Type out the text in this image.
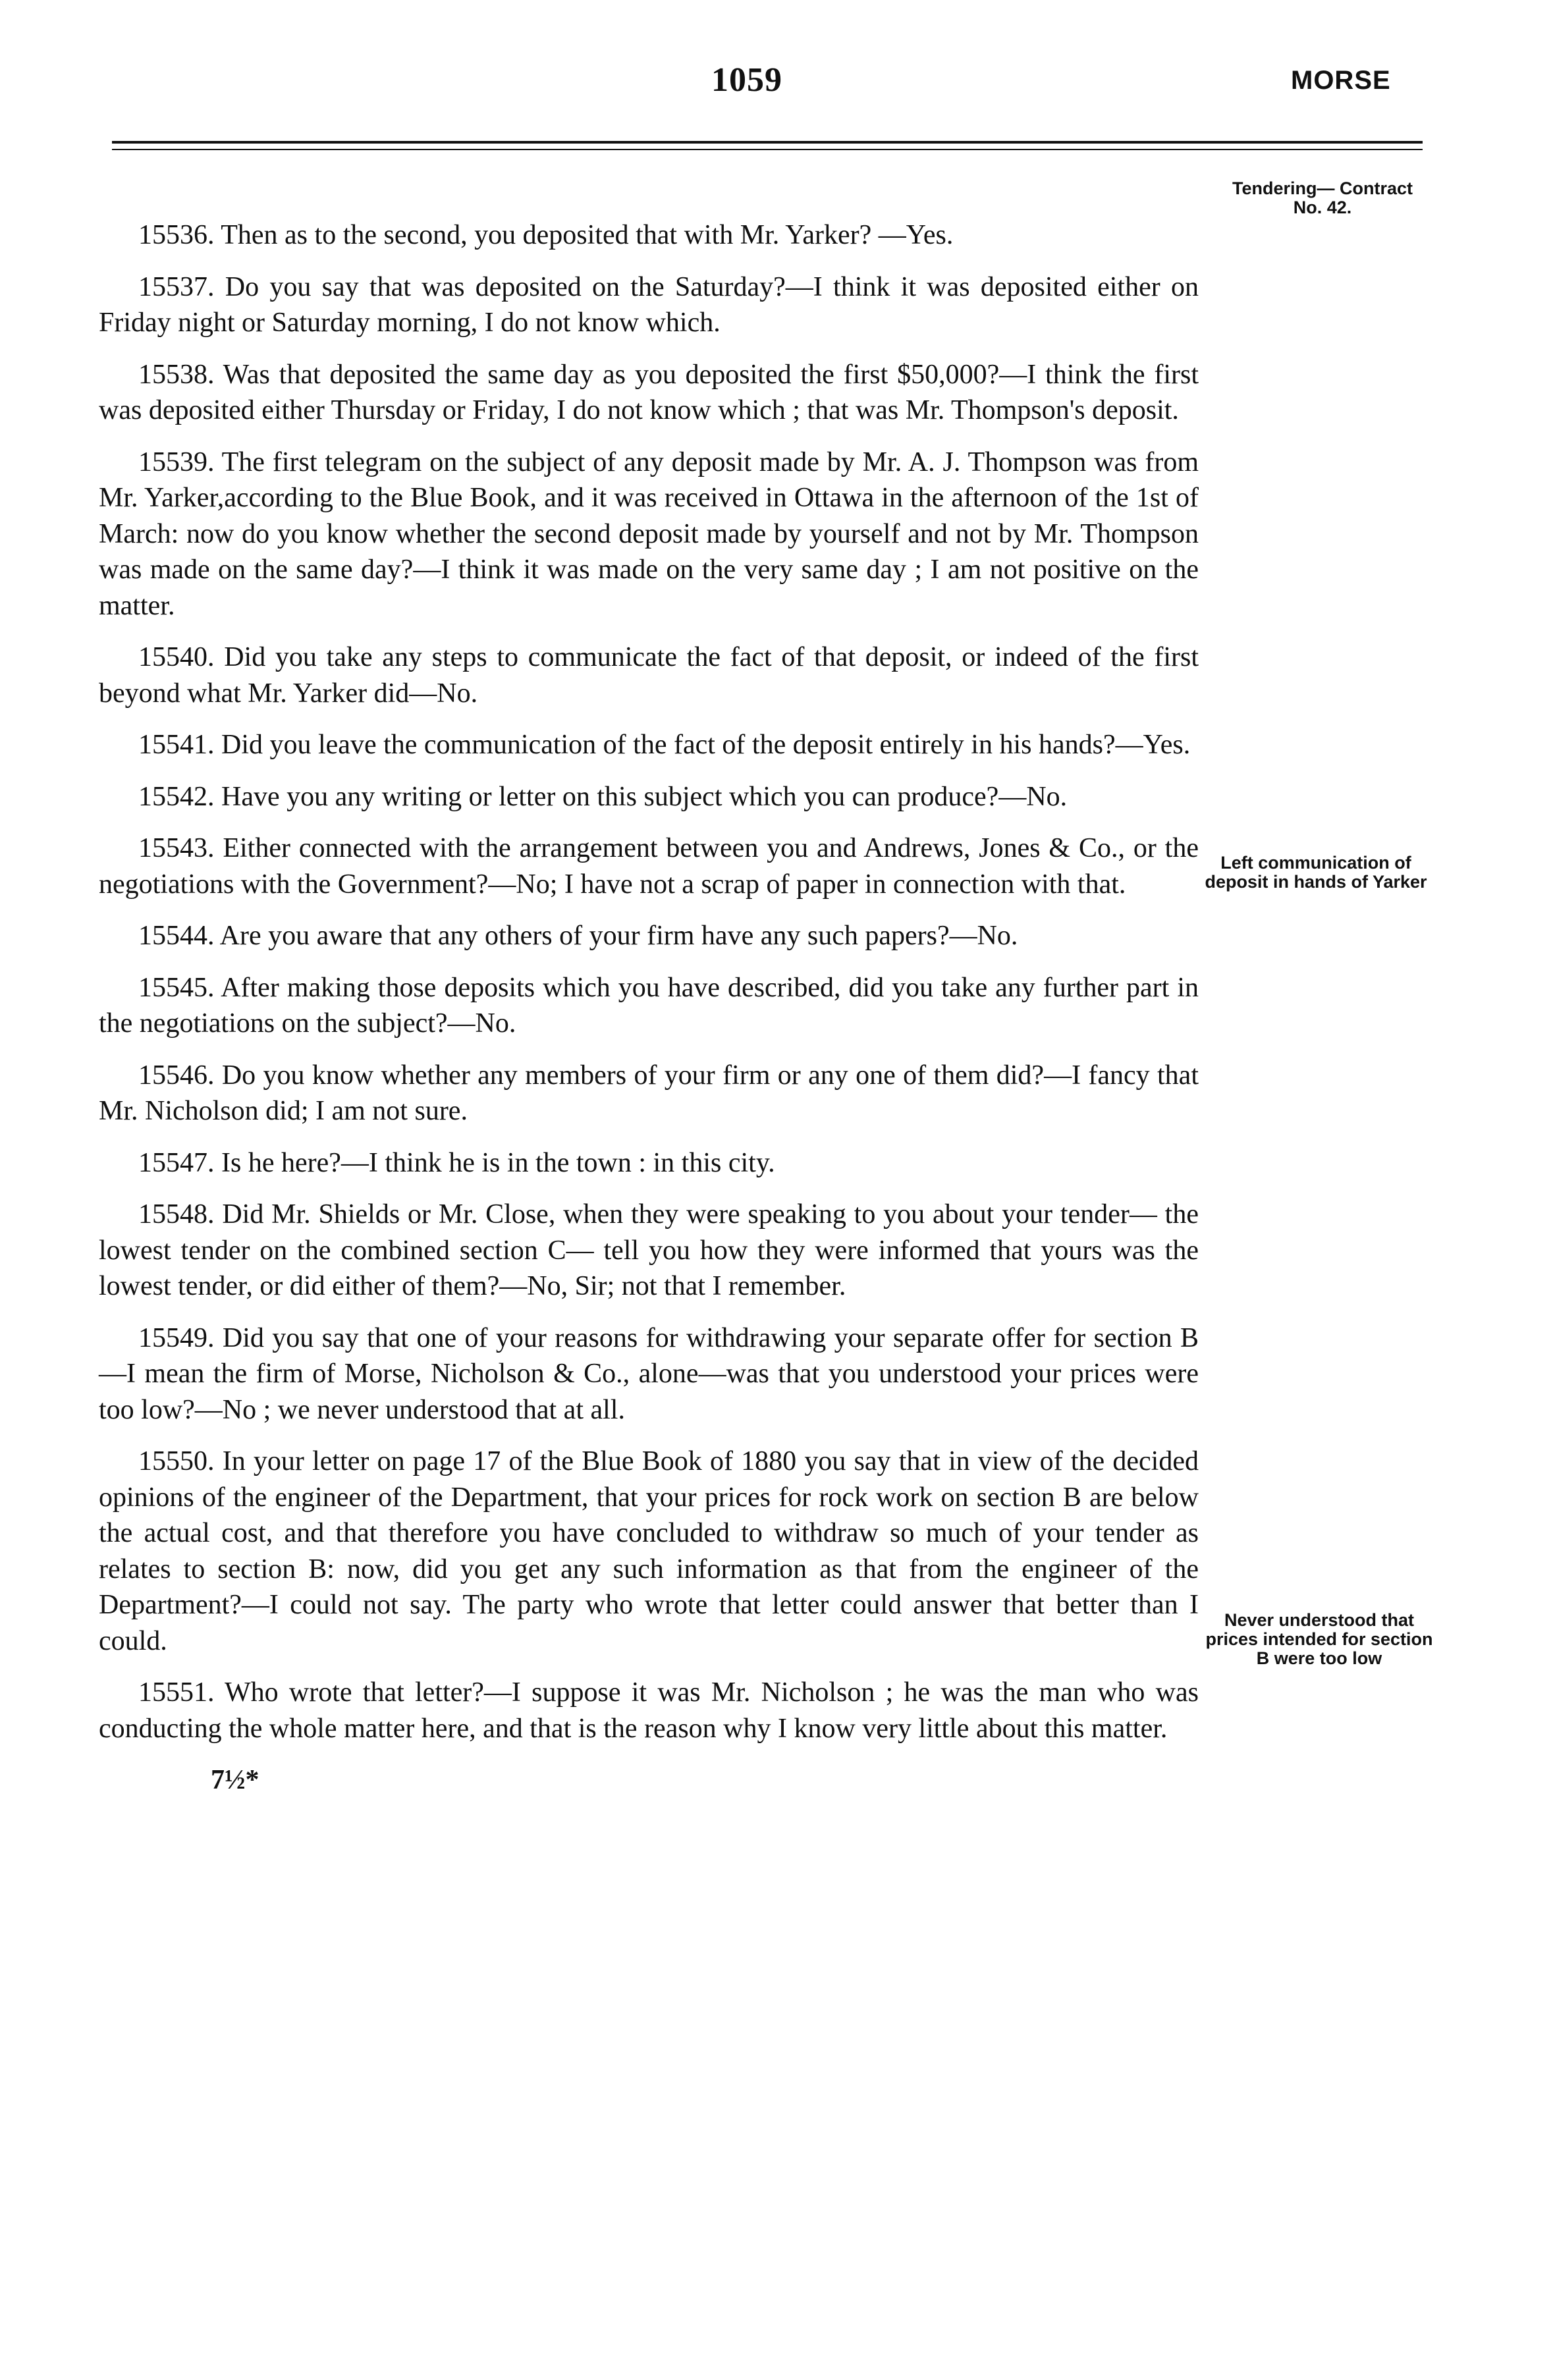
1059	MORSE
Tendering— Contract No. 42.
Left communication of deposit in hands of Yarker
Never understood that prices intended for section B were too low

15536. Then as to the second, you deposited that with Mr. Yarker? —Yes.

15537. Do you say that was deposited on the Saturday?—I think it was deposited either on Friday night or Saturday morning, I do not know which.

15538. Was that deposited the same day as you deposited the first $50,000?—I think the first was deposited either Thursday or Friday, I do not know which ; that was Mr. Thompson's deposit.

15539. The first telegram on the subject of any deposit made by Mr. A. J. Thompson was from Mr. Yarker,according to the Blue Book, and it was received in Ottawa in the afternoon of the 1st of March: now do you know whether the second deposit made by yourself and not by Mr. Thompson was made on the same day?—I think it was made on the very same day ; I am not positive on the matter.

15540. Did you take any steps to communicate the fact of that deposit, or indeed of the first beyond what Mr. Yarker did—No.

15541. Did you leave the communication of the fact of the deposit entirely in his hands?—Yes.

15542. Have you any writing or letter on this subject which you can produce?—No.

15543. Either connected with the arrangement between you and Andrews, Jones & Co., or the negotiations with the Government?—No; I have not a scrap of paper in connection with that.

15544. Are you aware that any others of your firm have any such papers?—No.

15545. After making those deposits which you have described, did you take any further part in the negotiations on the subject?—No.

15546. Do you know whether any members of your firm or any one of them did?—I fancy that Mr. Nicholson did; I am not sure.

15547. Is he here?—I think he is in the town : in this city.

15548. Did Mr. Shields or Mr. Close, when they were speaking to you about your tender— the lowest tender on the combined section C— tell you how they were informed that yours was the lowest tender, or did either of them?—No, Sir; not that I remember.

15549. Did you say that one of your reasons for withdrawing your separate offer for section B—I mean the firm of Morse, Nicholson & Co., alone—was that you understood your prices were too low?—No ; we never understood that at all.

15550. In your letter on page 17 of the Blue Book of 1880 you say that in view of the decided opinions of the engineer of the Department, that your prices for rock work on section B are below the actual cost, and that therefore you have concluded to withdraw so much of your tender as relates to section B: now, did you get any such information as that from the engineer of the Department?—I could not say. The party who wrote that letter could answer that better than I could.

15551. Who wrote that letter?—I suppose it was Mr. Nicholson ; he was the man who was conducting the whole matter here, and that is the reason why I know very little about this matter.

7½*
